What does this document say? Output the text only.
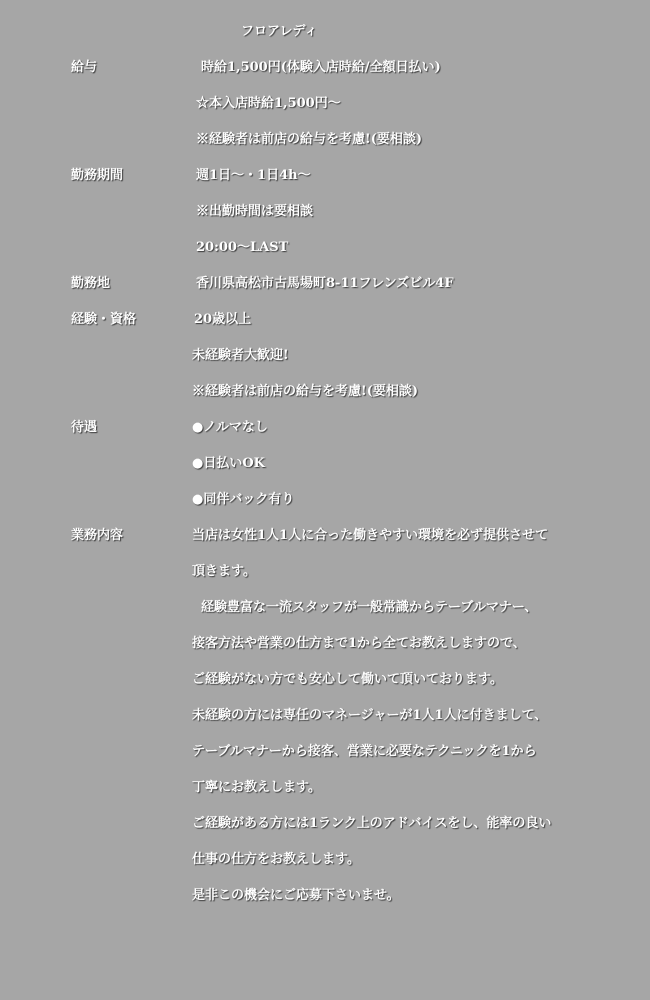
フロアレディ
給与	時給1,500円(体験入店時給/全額日払い)
☆本入店時給1,500円～
※経験者は前店の給与を考慮!(要相談)
勤務期間	週1日～・1日4h～
※出勤時間は要相談
20:00～LAST
勤務地	香川県高松市古馬場町8-11フレンズビル4F
経験・資格	20歳以上
未経験者大歓迎!
※経験者は前店の給与を考慮!(要相談)
待遇	●ノルマなし
●日払いOK
●同伴バック有り
業務内容	当店は女性1人1人に合った働きやすい環境を必ず提供させて
頂きます。
経験豊富な一流スタッフが一般常識からテーブルマナー、
接客方法や営業の仕方まで1から全てお教えしますので、
ご経験がない方でも安心して働いて頂いております。
未経験の方には専任のマネージャーが1人1人に付きまして、
テーブルマナーから接客、営業に必要なテクニックを1から
丁寧にお教えします。
ご経験がある方には1ランク上のアドバイスをし、能率の良い
仕事の仕方をお教えします。
是非この機会にご応募下さいませ。
